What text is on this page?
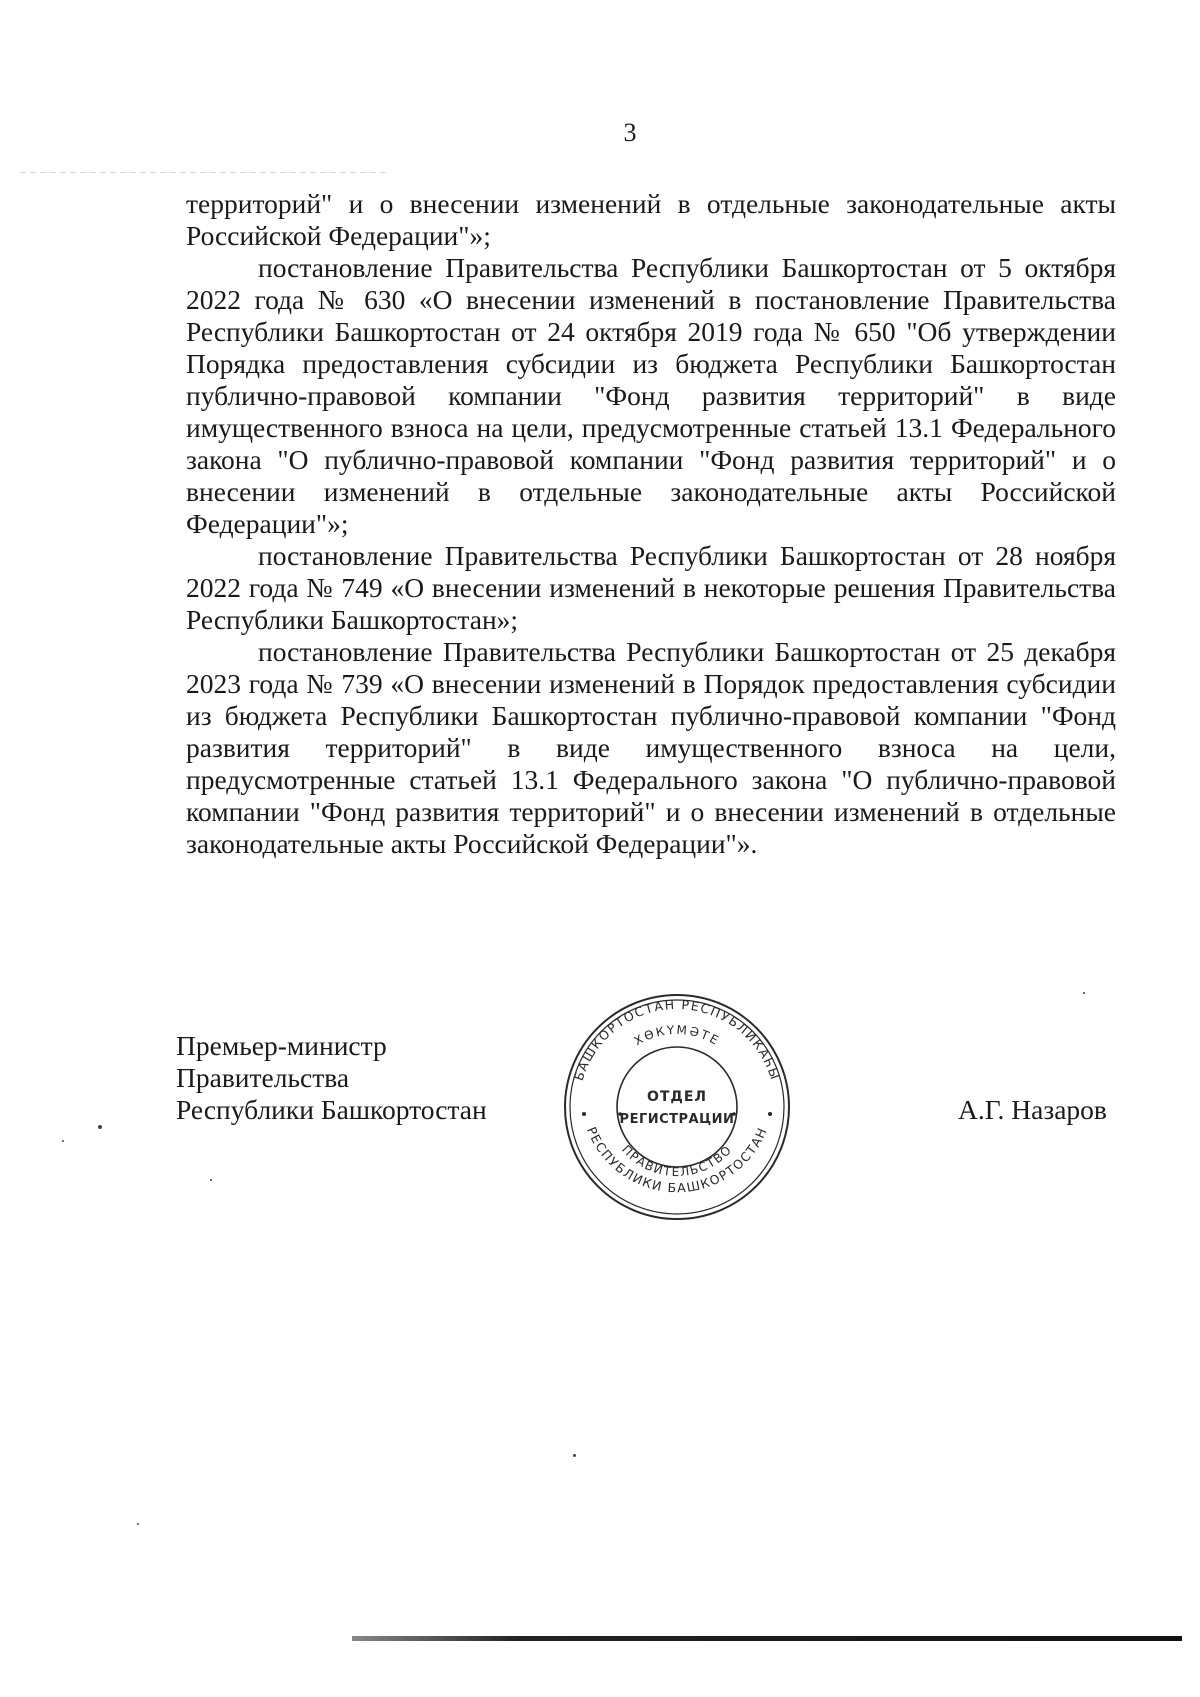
3

территорий" и о внесении изменений в отдельные законодательные акты Российской Федерации"»;

постановление Правительства Республики Башкортостан от 5 октября 2022 года № 630 «О внесении изменений в постановление Правительства Республики Башкортостан от 24 октября 2019 года № 650 "Об утверждении Порядка предоставления субсидии из бюджета Республики Башкортостан публично-правовой компании "Фонд развития территорий" в виде имущественного взноса на цели, предусмотренные статьей 13.1 Федерального закона "О публично-правовой компании "Фонд развития территорий" и о внесении изменений в отдельные законодательные акты Российской Федерации"»;

постановление Правительства Республики Башкортостан от 28 ноября 2022 года № 749 «О внесении изменений в некоторые решения Правительства Республики Башкортостан»;

постановление Правительства Республики Башкортостан от 25 декабря 2023 года № 739 «О внесении изменений в Порядок предоставления субсидии из бюджета Республики Башкортостан публично-правовой компании "Фонд развития территорий" в виде имущественного взноса на цели, предусмотренные статьей 13.1 Федерального закона "О публично-правовой компании "Фонд развития территорий" и о внесении изменений в отдельные законодательные акты Российской Федерации"».

Премьер-министр
Правительства
Республики Башкортостан
БАШКОРТОСТАН РЕСПУБЛИКАҺЫ
ХӨКҮМӘТЕ
РЕСПУБЛИКИ БАШКОРТОСТАН
ПРАВИТЕЛЬСТВО
ОТДЕЛ
РЕГИСТРАЦИИ	А.Г. Назаров
